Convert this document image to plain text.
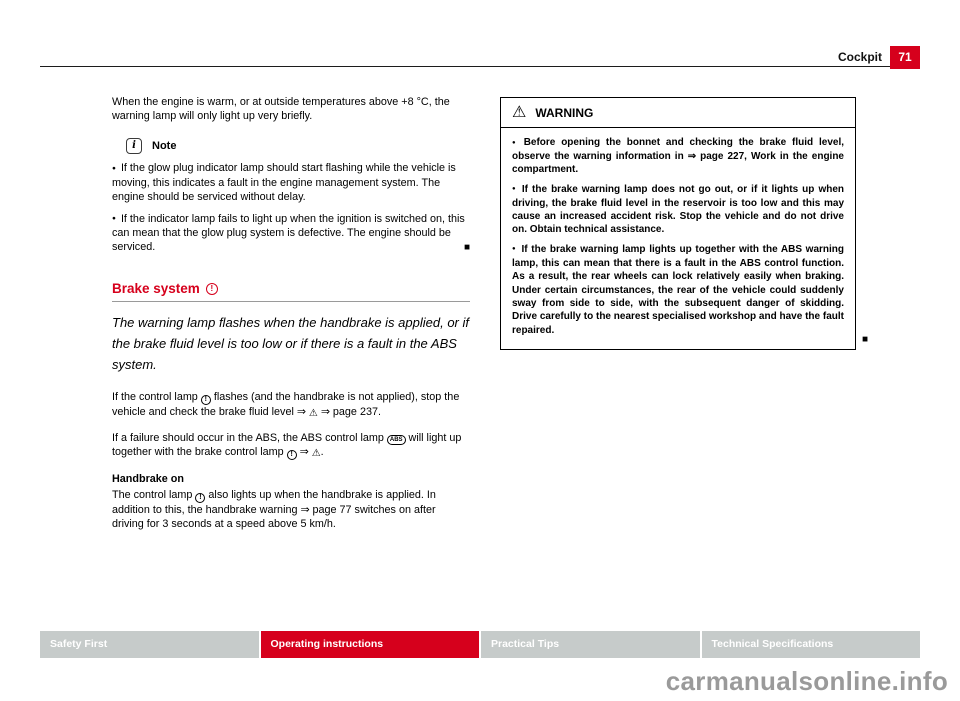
Cockpit	71

When the engine is warm, or at outside temperatures above +8 °C, the warning lamp will only light up very briefly.

i
Note
● If the glow plug indicator lamp should start flashing while the vehicle is moving, this indicates a fault in the engine management system. The engine should be serviced without delay.
● If the indicator lamp fails to light up when the ignition is switched on, this can mean that the glow plug system is defective. The engine should be serviced.	■
Brake system
!

The warning lamp flashes when the handbrake is applied, or if the brake fluid level is too low or if there is a fault in the ABS system.

If the control lamp ! flashes (and the handbrake is not applied), stop the vehicle and check the brake fluid level ⇒ ⚠ ⇒ page 237.

If a failure should occur in the ABS, the ABS control lamp ABS will light up together with the brake control lamp ! ⇒ ⚠.

Handbrake on

The control lamp ! also lights up when the handbrake is applied. In addition to this, the handbrake warning ⇒ page 77 switches on after driving for 3 seconds at a speed above 5 km/h.

⚠
WARNING
● Before opening the bonnet and checking the brake fluid level, observe the warning information in ⇒ page 227, Work in the engine compartment.
● If the brake warning lamp does not go out, or if it lights up when driving, the brake fluid level in the reservoir is too low and this may cause an increased accident risk. Stop the vehicle and do not drive on. Obtain technical assistance.
● If the brake warning lamp lights up together with the ABS warning lamp, this can mean that there is a fault in the ABS control function. As a result, the rear wheels can lock relatively easily when braking. Under certain circumstances, the rear of the vehicle could suddenly sway from side to side, with the subsequent danger of skidding. Drive carefully to the nearest specialised workshop and have the fault repaired.
■
Safety First	Operating instructions	Practical Tips	Technical Specifications
carmanualsonline.info
